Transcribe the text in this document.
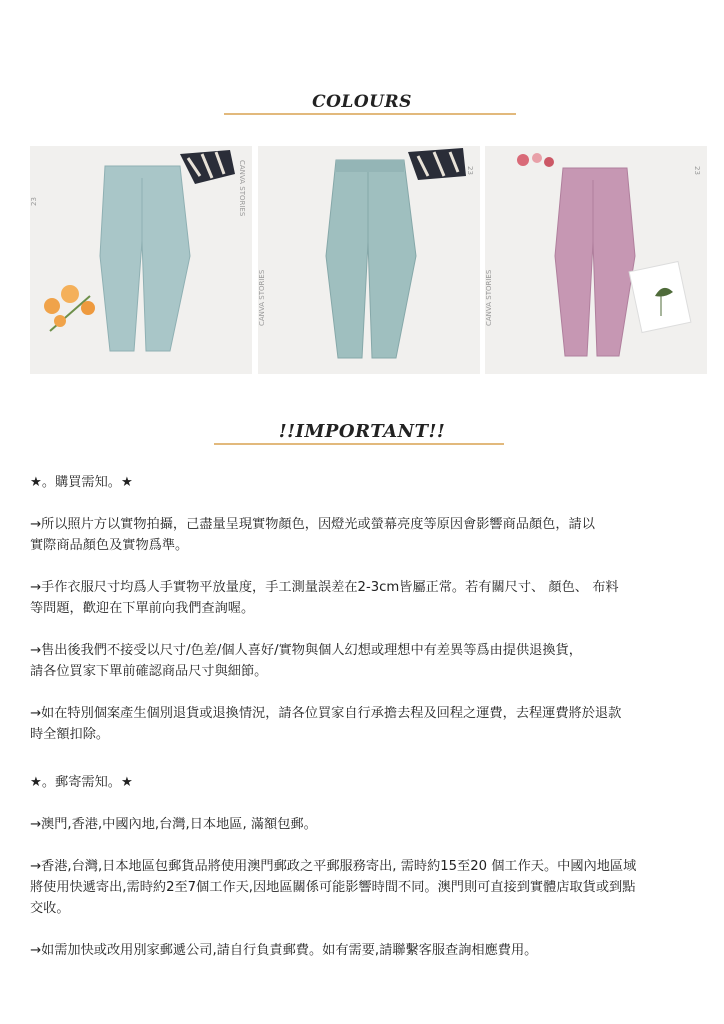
COLOURS
CANVA STORIES
23
CANVA STORIES
23
CANVA STORIES
23
!!IMPORTANT!!

★。購買需知。★

→所以照片方以實物拍攝，己盡量呈現實物顏色，因燈光或螢幕亮度等原因會影響商品顏色，請以
實際商品顏色及實物爲準。

→手作衣服尺寸均爲人手實物平放量度，手工測量誤差在2-3cm皆屬正常。若有關尺寸、 顏色、 布料
等問題，歡迎在下單前向我們查詢喔。

→售出後我們不接受以尺寸/色差/個人喜好/實物與個人幻想或理想中有差異等爲由提供退換貨，
請各位買家下單前確認商品尺寸與細節。

→如在特別個案產生個別退貨或退換情況，請各位買家自行承擔去程及回程之運費，去程運費將於退款
時全額扣除。

★。郵寄需知。★

→澳門,香港,中國內地,台灣,日本地區, 滿額包郵。

→香港,台灣,日本地區包郵貨品將使用澳門郵政之平郵服務寄出, 需時約15至20 個工作天。中國內地區域
將使用快遞寄出,需時約2至7個工作天,因地區關係可能影響時間不同。澳門則可直接到實體店取貨或到點
交收。

→如需加快或改用別家郵遞公司,請自行負責郵費。如有需要,請聯繫客服查詢相應費用。
